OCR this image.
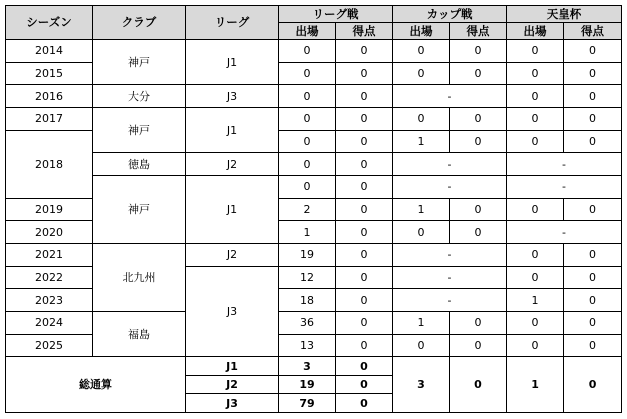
シーズン	クラブ	リーグ	リーグ戦		カップ戦		天皇杯	
			出場	得点	出場	得点	出場	得点
2014	神戸	J1	0	0	0	0	0	0
2015			0	0	0	0	0	0
2016	大分	J3	0	0	-		0	0
2017	神戸	J1	0	0	0	0	0	0
2018			0	0	1	0	0	0
	徳島	J2	0	0	-		-	
	神戸	J1	0	0	-		-	
2019			2	0	1	0	0	0
2020			1	0	0	0	-	
2021	北九州	J2	19	0	-		0	0
2022		J3	12	0	-		0	0
2023			18	0	-		1	0
2024	福島		36	0	1	0	0	0
2025			13	0	0	0	0	0
総通算		J1	3	0	3	0	1	0
		J2	19	0				
		J3	79	0				
